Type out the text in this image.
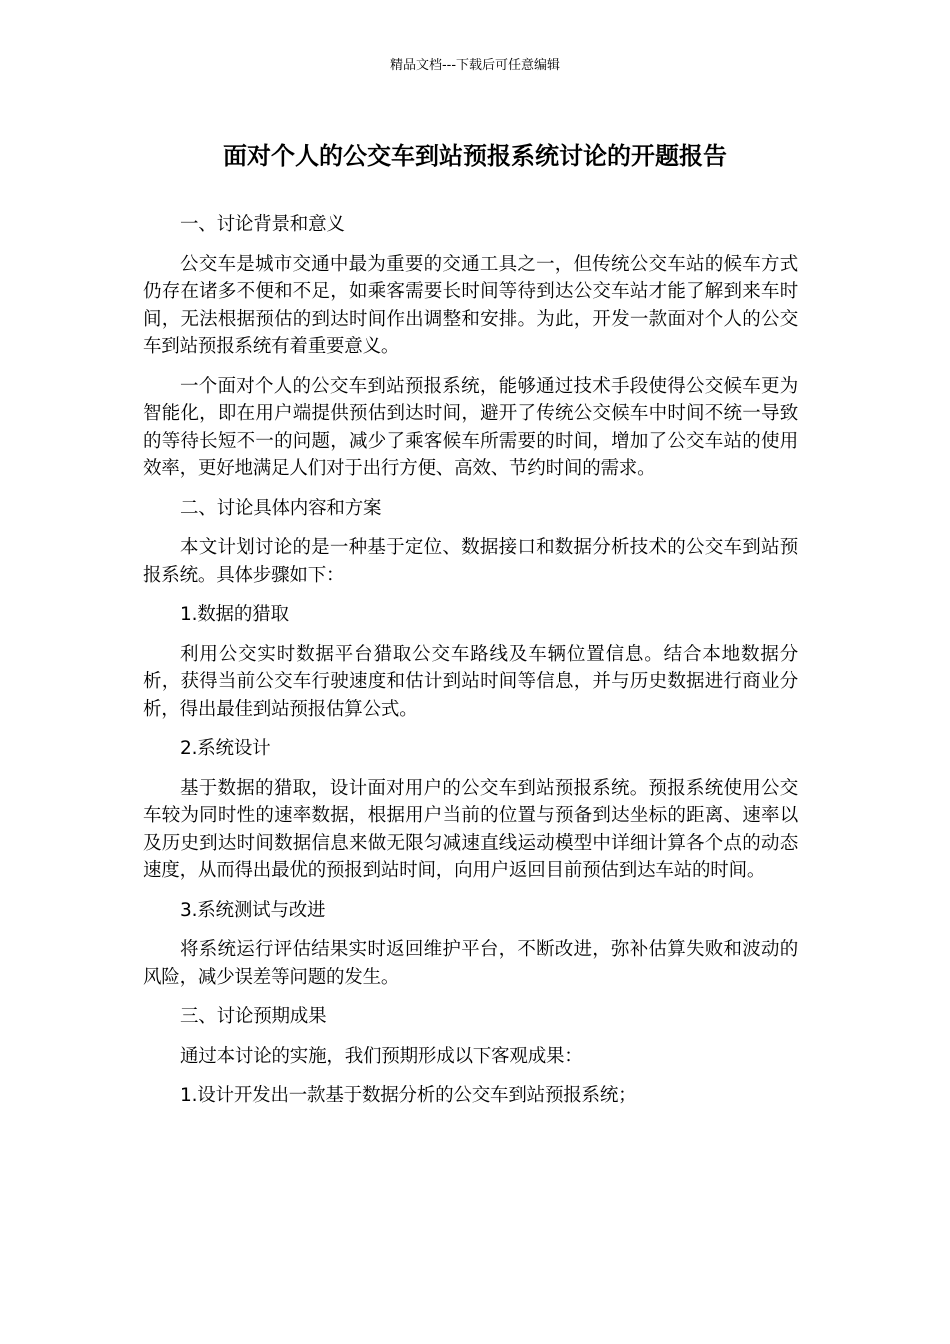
精品文档---下载后可任意编辑
面对个人的公交车到站预报系统讨论的开题报告

一、讨论背景和意义

公交车是城市交通中最为重要的交通工具之一，但传统公交车站的候车方式仍存在诸多不便和不足，如乘客需要长时间等待到达公交车站才能了解到来车时间，无法根据预估的到达时间作出调整和安排。为此，开发一款面对个人的公交车到站预报系统有着重要意义。

一个面对个人的公交车到站预报系统，能够通过技术手段使得公交候车更为智能化，即在用户端提供预估到达时间，避开了传统公交候车中时间不统一导致的等待长短不一的问题，减少了乘客候车所需要的时间，增加了公交车站的使用效率，更好地满足人们对于出行方便、高效、节约时间的需求。

二、讨论具体内容和方案

本文计划讨论的是一种基于定位、数据接口和数据分析技术的公交车到站预报系统。具体步骤如下：

1.数据的猎取

利用公交实时数据平台猎取公交车路线及车辆位置信息。结合本地数据分析，获得当前公交车行驶速度和估计到站时间等信息，并与历史数据进行商业分析，得出最佳到站预报估算公式。

2.系统设计

基于数据的猎取，设计面对用户的公交车到站预报系统。预报系统使用公交车较为同时性的速率数据，根据用户当前的位置与预备到达坐标的距离、速率以及历史到达时间数据信息来做无限匀减速直线运动模型中详细计算各个点的动态速度，从而得出最优的预报到站时间，向用户返回目前预估到达车站的时间。

3.系统测试与改进

将系统运行评估结果实时返回维护平台，不断改进，弥补估算失败和波动的风险，减少误差等问题的发生。

三、讨论预期成果

通过本讨论的实施，我们预期形成以下客观成果：

1.设计开发出一款基于数据分析的公交车到站预报系统；
